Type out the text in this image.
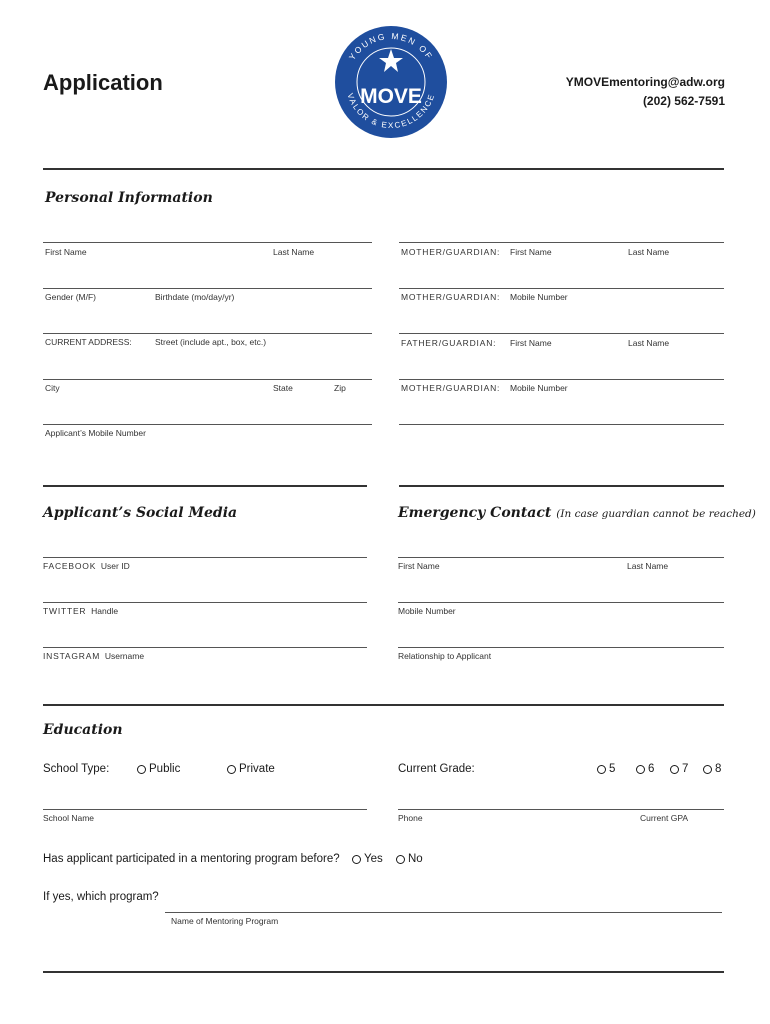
Application
YOUNG MEN OF
VALOR & EXCELLENCE
MOVE
YMOVEmentoring@adw.org
(202) 562-7591
Personal Information
First Name	Last Name
Gender (M/F)	Birthdate (mo/day/yr)
CURRENT ADDRESS:	Street (include apt., box, etc.)
City	State	Zip
Applicant’s Mobile Number
MOTHER/GUARDIAN: First Name	Last Name
MOTHER/GUARDIAN: Mobile Number
FATHER/GUARDIAN: First Name	Last Name
MOTHER/GUARDIAN: Mobile Number
Applicant’s Social Media
FACEBOOK User ID
TWITTER Handle
INSTAGRAM Username
Emergency Contact (In case guardian cannot be reached)
First Name	Last Name
Mobile Number
Relationship to Applicant
Education
School Type:	Public	Private	Current Grade:	5	6 7 8
School Name	Phone	Current GPA
Has applicant participated in a mentoring program before? Yes No
If yes, which program?
Name of Mentoring Program
